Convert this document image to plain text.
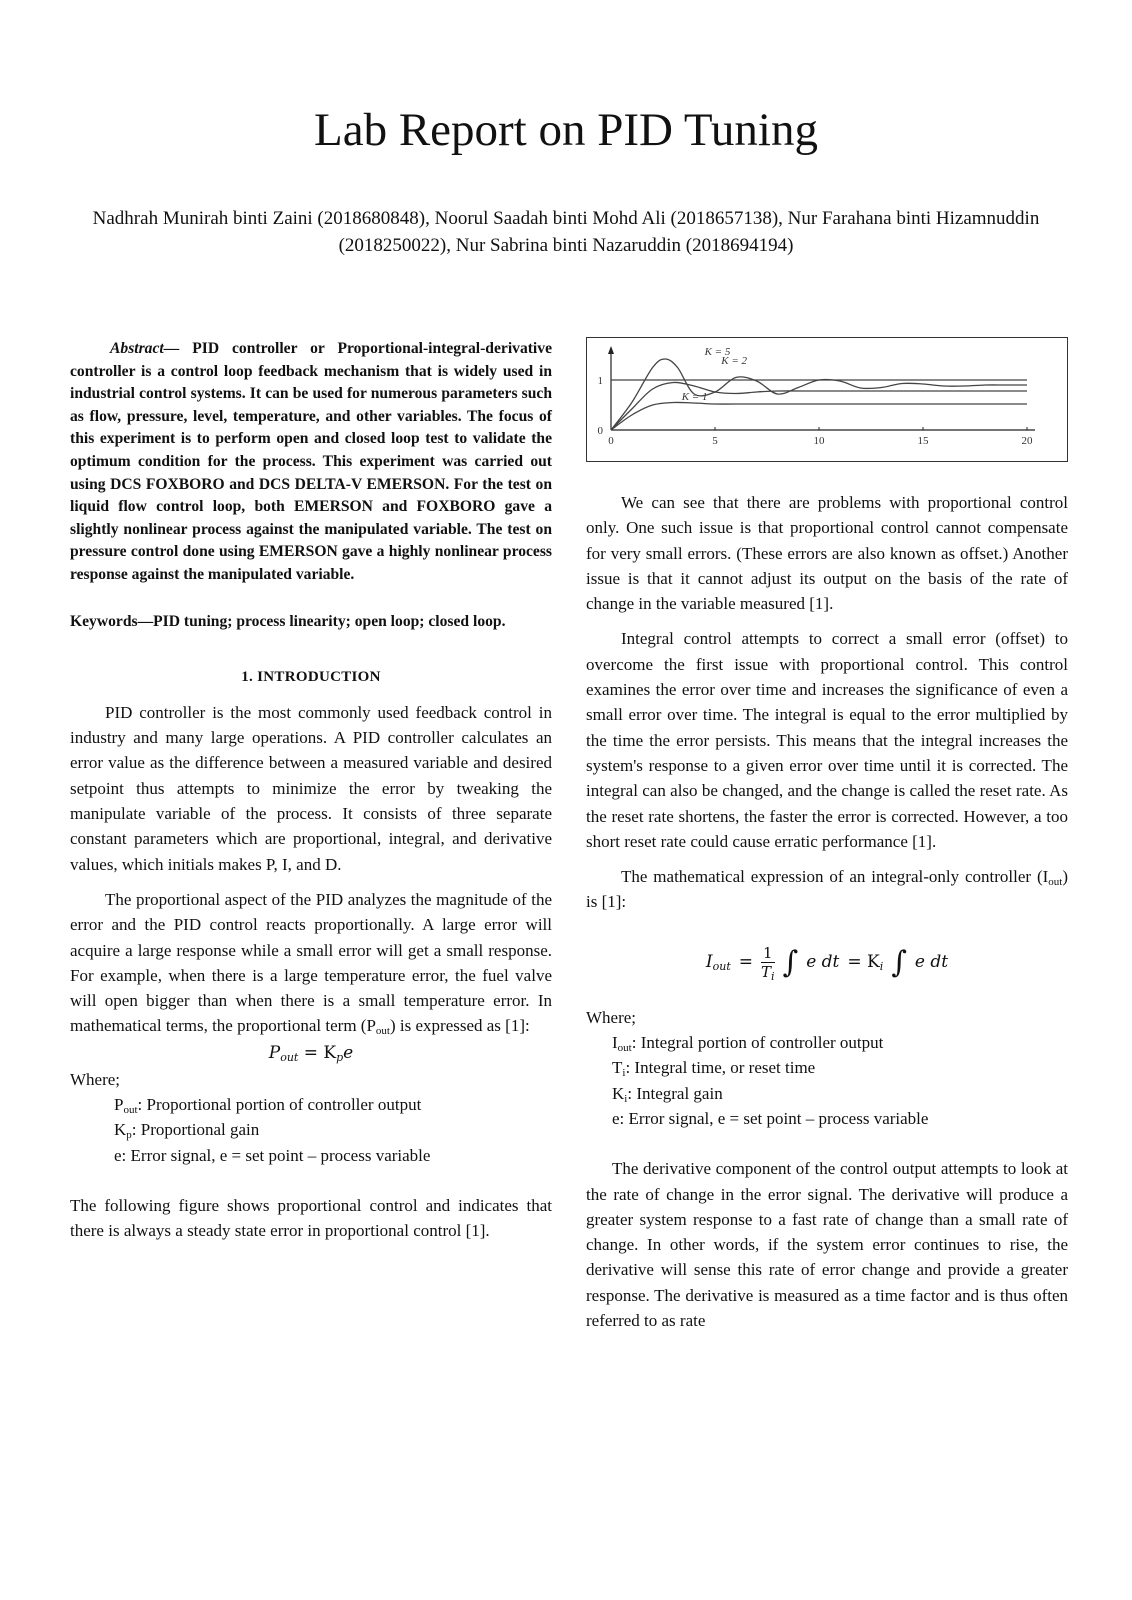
Lab Report on PID Tuning
Nadhrah Munirah binti Zaini (2018680848), Noorul Saadah binti Mohd Ali (2018657138), Nur Farahana binti Hizamnuddin (2018250022), Nur Sabrina binti Nazaruddin (2018694194)

Abstract— PID controller or Proportional-integral-derivative controller is a control loop feedback mechanism that is widely used in industrial control systems. It can be used for numerous parameters such as flow, pressure, level, temperature, and other variables. The focus of this experiment is to perform open and closed loop test to validate the optimum condition for the process. This experiment was carried out using DCS FOXBORO and DCS DELTA-V EMERSON. For the test on liquid flow control loop, both EMERSON and FOXBORO gave a slightly nonlinear process against the manipulated variable. The test on pressure control done using EMERSON gave a highly nonlinear process response against the manipulated variable.

Keywords—PID tuning; process linearity; open loop; closed loop.

1. INTRODUCTION

PID controller is the most commonly used feedback control in industry and many large operations. A PID controller calculates an error value as the difference between a measured variable and desired setpoint thus attempts to minimize the error by tweaking the manipulate variable of the process. It consists of three separate constant parameters which are proportional, integral, and derivative values, which initials makes P, I, and D.

The proportional aspect of the PID analyzes the magnitude of the error and the PID control reacts proportionally. A large error will acquire a large response while a small error will get a small response. For example, when there is a large temperature error, the fuel valve will open bigger than when there is a small temperature error. In mathematical terms, the proportional term $(P_{out})$ is expressed as [1]:

$P_{out} = K_pe$

Where;

$P_{out}$: Proportional portion of controller output
$K_p$: Proportional gain
e: Error signal, e = set point – process variable

The following figure shows proportional control and indicates that there is always a steady state error in proportional control [1].

0	5	10	15	20
0
1
K = 5
K = 2
K = 1

We can see that there are problems with proportional control only. One such issue is that proportional control cannot compensate for very small errors. (These errors are also known as offset.) Another issue is that it cannot adjust its output on the basis of the rate of change in the variable measured [1].

Integral control attempts to correct a small error (offset) to overcome the first issue with proportional control. This control examines the error over time and increases the significance of even a small error over time. The integral is equal to the error multiplied by the time the error persists. This means that the integral increases the system's response to a given error over time until it is corrected. The integral can also be changed, and the change is called the reset rate. As the reset rate shortens, the faster the error is corrected. However, a too short reset rate could cause erratic performance [1].

The mathematical expression of an integral-only controller $(I_{out})$ is [1]:

$I_{out} = \frac{1}{T_i}$ ∫ e dt = $K_i$ ∫ e dt

Where;

$I_{out}$: Integral portion of controller output
$T_i$: Integral time, or reset time
$K_i$: Integral gain
e: Error signal, e = set point – process variable

The derivative component of the control output attempts to look at the rate of change in the error signal. The derivative will produce a greater system response to a fast rate of change than a small rate of change. In other words, if the system error continues to rise, the derivative will sense this rate of error change and provide a greater response. The derivative is measured as a time factor and is thus often referred to as rate
